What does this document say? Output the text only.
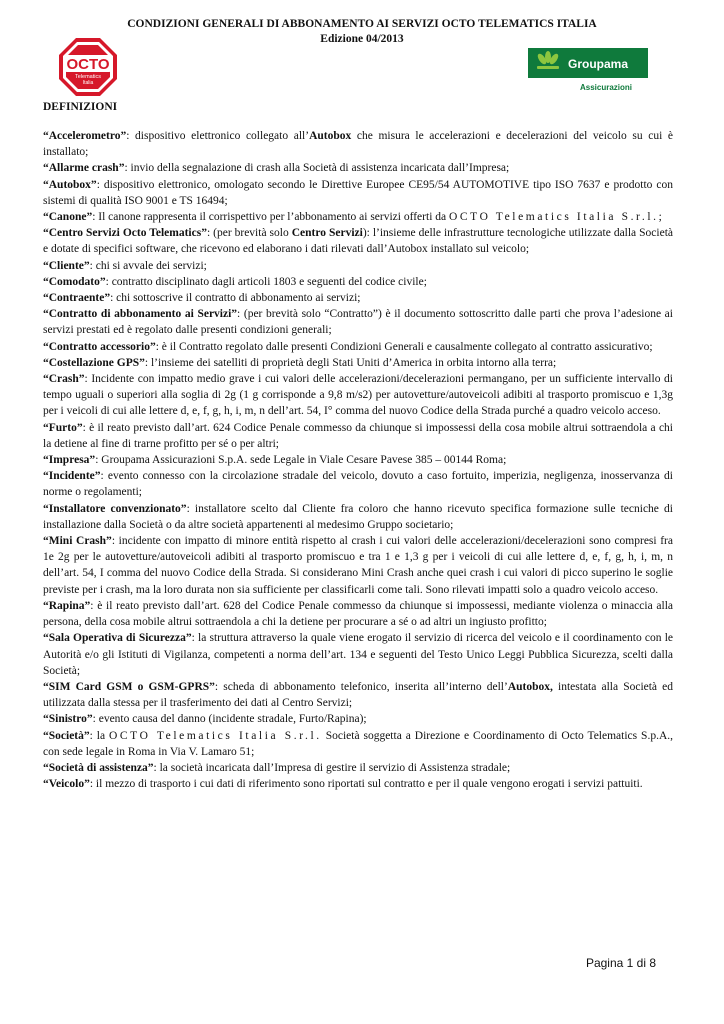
CONDIZIONI GENERALI DI ABBONAMENTO AI SERVIZI OCTO TELEMATICS ITALIA
Edizione 04/2013
OCTO
Telematics
Italia
Groupama
Assicurazioni
DEFINIZIONI

“Accelerometro”: dispositivo elettronico collegato all’Autobox che misura le accelerazioni e decelerazioni del veicolo su cui è installato;

“Allarme crash”: invio della segnalazione di crash alla Società di assistenza incaricata dall’Impresa;

“Autobox”: dispositivo elettronico, omologato secondo le Direttive Europee CE95/54 AUTOMOTIVE tipo ISO 7637 e prodotto con sistemi di qualità ISO 9001 e TS 16494;

“Canone”: Il canone rappresenta il corrispettivo per l’abbonamento ai servizi offerti da OCTO Telematics Italia S.r.l.;

“Centro Servizi Octo Telematics”: (per brevità solo Centro Servizi): l’insieme delle infrastrutture tecnologiche utilizzate dalla Società e dotate di specifici software, che ricevono ed elaborano i dati rilevati dall’Autobox installato sul veicolo;

“Cliente”: chi si avvale dei servizi;

“Comodato”: contratto disciplinato dagli articoli 1803 e seguenti del codice civile;

“Contraente”: chi sottoscrive il contratto di abbonamento ai servizi;

“Contratto di abbonamento ai Servizi”: (per brevità solo “Contratto”) è il documento sottoscritto dalle parti che prova l’adesione ai servizi prestati ed è regolato dalle presenti condizioni generali;

“Contratto accessorio”: è il Contratto regolato dalle presenti Condizioni Generali e causalmente collegato al contratto assicurativo;

“Costellazione GPS”: l’insieme dei satelliti di proprietà degli Stati Uniti d’America in orbita intorno alla terra;

“Crash”: Incidente con impatto medio grave i cui valori delle accelerazioni/decelerazioni permangano, per un sufficiente intervallo di tempo uguali o superiori alla soglia di 2g (1 g corrisponde a 9,8 m/s2) per autovetture/autoveicoli adibiti al trasporto promiscuo e 1,3g per i veicoli di cui alle lettere d, e, f, g, h, i, m, n dell’art. 54, I° comma del nuovo Codice della Strada purché a quadro veicolo acceso.

“Furto”: è il reato previsto dall’art. 624 Codice Penale commesso da chiunque si impossessi della cosa mobile altrui sottraendola a chi la detiene al fine di trarne profitto per sé o per altri;

“Impresa”: Groupama Assicurazioni S.p.A. sede Legale in Viale Cesare Pavese 385 – 00144 Roma;

“Incidente”: evento connesso con la circolazione stradale del veicolo, dovuto a caso fortuito, imperizia, negligenza, inosservanza di norme o regolamenti;

“Installatore convenzionato”: installatore scelto dal Cliente fra coloro che hanno ricevuto specifica formazione sulle tecniche di installazione dalla Società o da altre società appartenenti al medesimo Gruppo societario;

“Mini Crash”: incidente con impatto di minore entità rispetto al crash i cui valori delle accelerazioni/decelerazioni sono compresi fra 1e 2g per le autovetture/autoveicoli adibiti al trasporto promiscuo e tra 1 e 1,3 g per i veicoli di cui alle lettere d, e, f, g, h, i, m, n dell’art. 54, I comma del nuovo Codice della Strada. Si considerano Mini Crash anche quei crash i cui valori di picco superino le soglie previste per i crash, ma la loro durata non sia sufficiente per classificarli come tali. Sono rilevati impatti solo a quadro veicolo acceso.

“Rapina”: è il reato previsto dall’art. 628 del Codice Penale commesso da chiunque si impossessi, mediante violenza o minaccia alla persona, della cosa mobile altrui sottraendola a chi la detiene per procurare a sé o ad altri un ingiusto profitto;

“Sala Operativa di Sicurezza”: la struttura attraverso la quale viene erogato il servizio di ricerca del veicolo e il coordinamento con le Autorità e/o gli Istituti di Vigilanza, competenti a norma dell’art. 134 e seguenti del Testo Unico Leggi Pubblica Sicurezza, scelti dalla Società;

“SIM Card GSM o GSM-GPRS”: scheda di abbonamento telefonico, inserita all’interno dell’Autobox, intestata alla Società ed utilizzata dalla stessa per il trasferimento dei dati al Centro Servizi;

“Sinistro”: evento causa del danno (incidente stradale, Furto/Rapina);

“Società”: la OCTO Telematics Italia S.r.l. Società soggetta a Direzione e Coordinamento di Octo Telematics S.p.A., con sede legale in Roma in Via V. Lamaro 51;

“Società di assistenza”: la società incaricata dall’Impresa di gestire il servizio di Assistenza stradale;

“Veicolo”: il mezzo di trasporto i cui dati di riferimento sono riportati sul contratto e per il quale vengono erogati i servizi pattuiti.

Pagina 1 di 8
